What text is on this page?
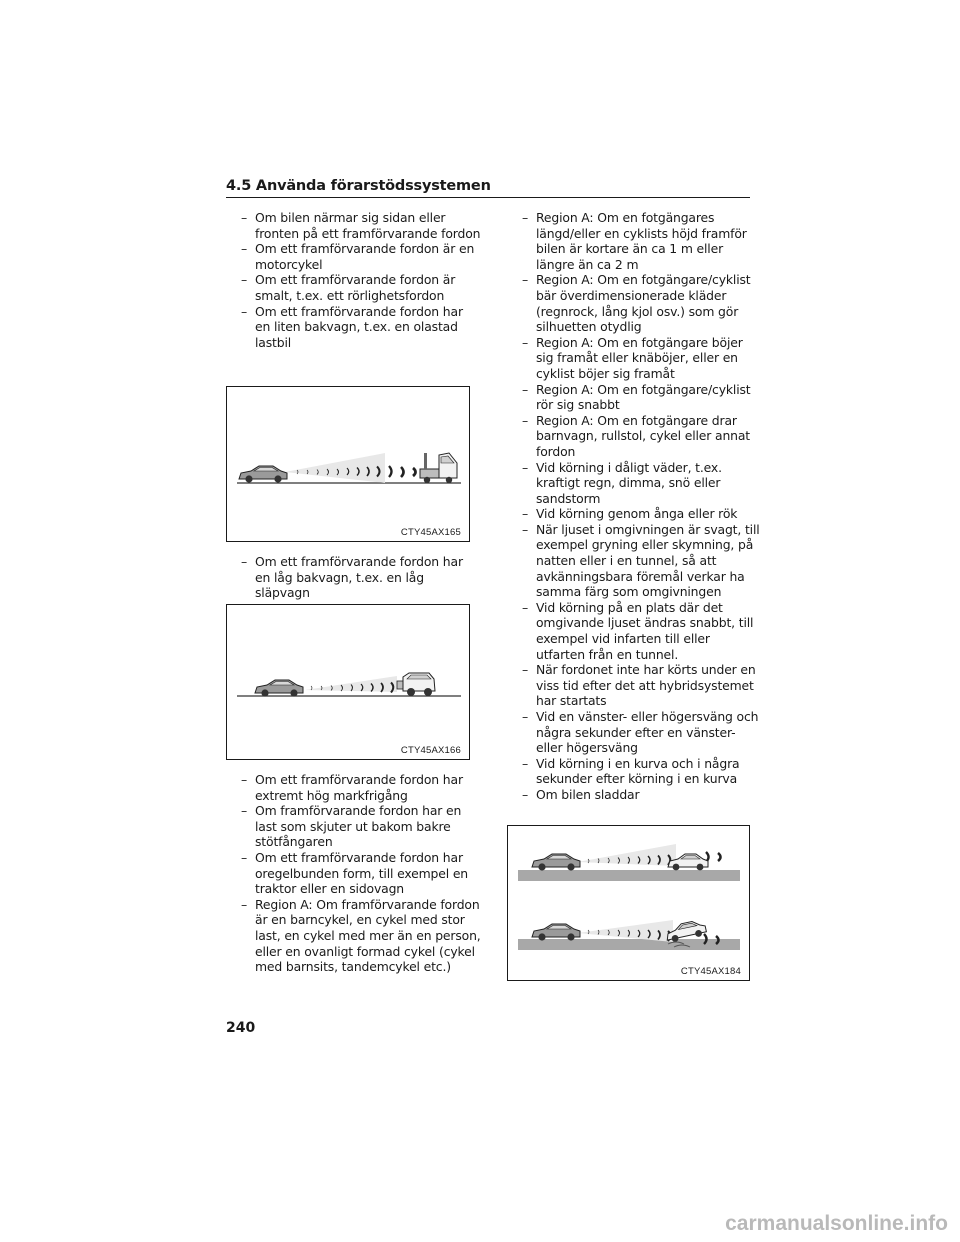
4.5 Använda förarstödssystemen
– Om bilen närmar sig sidan eller fronten på ett framförvarande fordon
– Om ett framförvarande fordon är en motorcykel
– Om ett framförvarande fordon är smalt, t.ex. ett rörlighetsfordon
– Om ett framförvarande fordon har en liten bakvagn, t.ex. en olastad lastbil
CTY45AX165
– Om ett framförvarande fordon har en låg bakvagn, t.ex. en låg släpvagn
CTY45AX166
– Om ett framförvarande fordon har extremt hög markfrigång
– Om framförvarande fordon har en last som skjuter ut bakom bakre stötfångaren
– Om ett framförvarande fordon har oregelbunden form, till exempel en traktor eller en sidovagn
– Region A: Om framförvarande fordon är en barncykel, en cykel med stor last, en cykel med mer än en person, eller en ovanligt formad cykel (cykel med barnsits, tandemcykel etc.)
– Region A: Om en fotgängares längd/eller en cyklists höjd framför bilen är kortare än ca 1 m eller längre än ca 2 m
– Region A: Om en fotgängare/cyklist bär överdimensionerade kläder (regnrock, lång kjol osv.) som gör silhuetten otydlig
– Region A: Om en fotgängare böjer sig framåt eller knäböjer, eller en cyklist böjer sig framåt
– Region A: Om en fotgängare/cyklist rör sig snabbt
– Region A: Om en fotgängare drar barnvagn, rullstol, cykel eller annat fordon
– Vid körning i dåligt väder, t.ex. kraftigt regn, dimma, snö eller sandstorm
– Vid körning genom ånga eller rök
– När ljuset i omgivningen är svagt, till exempel gryning eller skymning, på natten eller i en tunnel, så att avkänningsbara föremål verkar ha samma färg som omgivningen
– Vid körning på en plats där det omgivande ljuset ändras snabbt, till exempel vid infarten till eller utfarten från en tunnel.
– När fordonet inte har körts under en viss tid efter det att hybridsystemet har startats
– Vid en vänster- eller högersväng och några sekunder efter en vänster- eller högersväng
– Vid körning i en kurva och i några sekunder efter körning i en kurva
– Om bilen sladdar
CTY45AX184
240
carmanualsonline.info
